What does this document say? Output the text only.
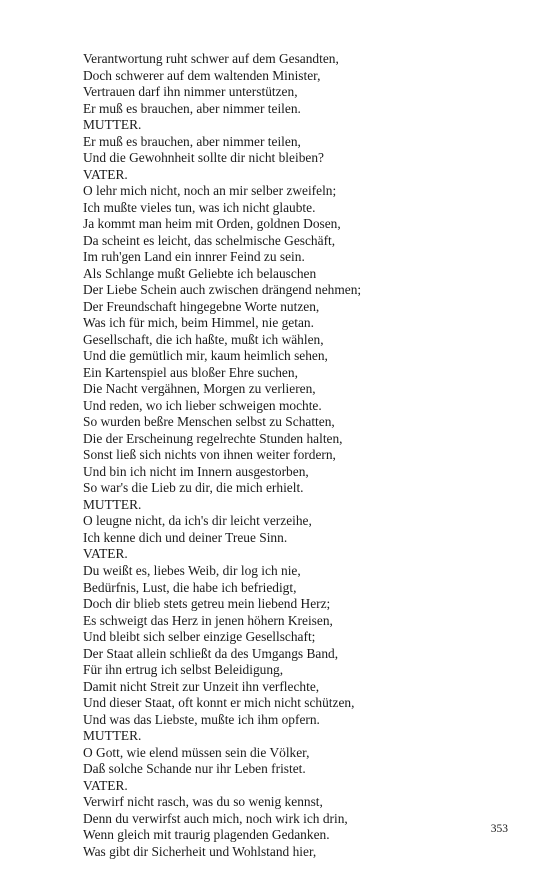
Verantwortung ruht schwer auf dem Gesandten,
Doch schwerer auf dem waltenden Minister,
Vertrauen darf ihn nimmer unterstützen,
Er muß es brauchen, aber nimmer teilen.
MUTTER.
Er muß es brauchen, aber nimmer teilen,
Und die Gewohnheit sollte dir nicht bleiben?
VATER.
O lehr mich nicht, noch an mir selber zweifeln;
Ich mußte vieles tun, was ich nicht glaubte.
Ja kommt man heim mit Orden, goldnen Dosen,
Da scheint es leicht, das schelmische Geschäft,
Im ruh'gen Land ein innrer Feind zu sein.
Als Schlange mußt Geliebte ich belauschen
Der Liebe Schein auch zwischen drängend nehmen;
Der Freundschaft hingegebne Worte nutzen,
Was ich für mich, beim Himmel, nie getan.
Gesellschaft, die ich haßte, mußt ich wählen,
Und die gemütlich mir, kaum heimlich sehen,
Ein Kartenspiel aus bloßer Ehre suchen,
Die Nacht vergähnen, Morgen zu verlieren,
Und reden, wo ich lieber schweigen mochte.
So wurden beßre Menschen selbst zu Schatten,
Die der Erscheinung regelrechte Stunden halten,
Sonst ließ sich nichts von ihnen weiter fordern,
Und bin ich nicht im Innern ausgestorben,
So war's die Lieb zu dir, die mich erhielt.
MUTTER.
O leugne nicht, da ich's dir leicht verzeihe,
Ich kenne dich und deiner Treue Sinn.
VATER.
Du weißt es, liebes Weib, dir log ich nie,
Bedürfnis, Lust, die habe ich befriedigt,
Doch dir blieb stets getreu mein liebend Herz;
Es schweigt das Herz in jenen höhern Kreisen,
Und bleibt sich selber einzige Gesellschaft;
Der Staat allein schließt da des Umgangs Band,
Für ihn ertrug ich selbst Beleidigung,
Damit nicht Streit zur Unzeit ihn verflechte,
Und dieser Staat, oft konnt er mich nicht schützen,
Und was das Liebste, mußte ich ihm opfern.
MUTTER.
O Gott, wie elend müssen sein die Völker,
Daß solche Schande nur ihr Leben fristet.
VATER.
Verwirf nicht rasch, was du so wenig kennst,
Denn du verwirfst auch mich, noch wirk ich drin,
Wenn gleich mit traurig plagenden Gedanken.
Was gibt dir Sicherheit und Wohlstand hier,
353
